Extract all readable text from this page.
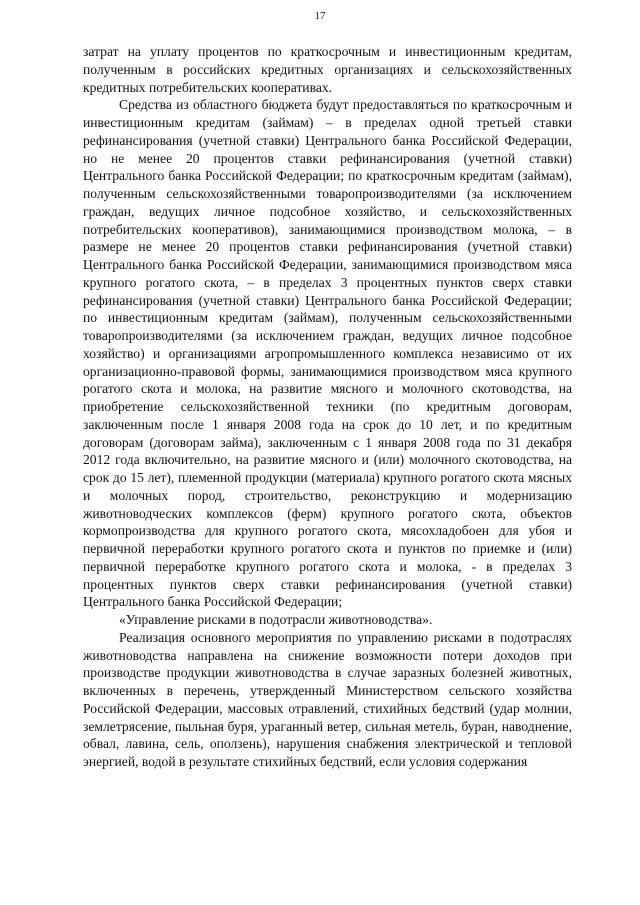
17

затрат на уплату процентов по краткосрочным и инвестиционным кредитам, полученным в российских кредитных организациях и сельскохозяйственных кредитных потребительских кооперативах.

Средства из областного бюджета будут предоставляться по краткосрочным и инвестиционным кредитам (займам) – в пределах одной третьей ставки рефинансирования (учетной ставки) Центрального банка Российской Федерации, но не менее 20 процентов ставки рефинансирования (учетной ставки) Центрального банка Российской Федерации; по краткосрочным кредитам (займам), полученным сельскохозяйственными товаропроизводителями (за исключением граждан, ведущих личное подсобное хозяйство, и сельскохозяйственных потребительских кооперативов), занимающимися производством молока, – в размере не менее 20 процентов ставки рефинансирования (учетной ставки) Центрального банка Российской Федерации, занимающимися производством мяса крупного рогатого скота, – в пределах 3 процентных пунктов сверх ставки рефинансирования (учетной ставки) Центрального банка Российской Федерации; по инвестиционным кредитам (займам), полученным сельскохозяйственными товаропроизводителями (за исключением граждан, ведущих личное подсобное хозяйство) и организациями агропромышленного комплекса независимо от их организационно-правовой формы, занимающимися производством мяса крупного рогатого скота и молока, на развитие мясного и молочного скотоводства, на приобретение сельскохозяйственной техники (по кредитным договорам, заключенным после 1 января 2008 года на срок до 10 лет, и по кредитным договорам (договорам займа), заключенным с 1 января 2008 года по 31 декабря 2012 года включительно, на развитие мясного и (или) молочного скотоводства, на срок до 15 лет), племенной продукции (материала) крупного рогатого скота мясных и молочных пород, строительство, реконструкцию и модернизацию животноводческих комплексов (ферм) крупного рогатого скота, объектов кормопроизводства для крупного рогатого скота, мясохладобоен для убоя и первичной переработки крупного рогатого скота и пунктов по приемке и (или) первичной переработке крупного рогатого скота и молока, - в пределах 3 процентных пунктов сверх ставки рефинансирования (учетной ставки) Центрального банка Российской Федерации;

«Управление рисками в подотрасли животноводства».

Реализация основного мероприятия по управлению рисками в подотраслях животноводства направлена на снижение возможности потери доходов при производстве продукции животноводства в случае заразных болезней животных, включенных в перечень, утвержденный Министерством сельского хозяйства Российской Федерации, массовых отравлений, стихийных бедствий (удар молнии, землетрясение, пыльная буря, ураганный ветер, сильная метель, буран, наводнение, обвал, лавина, сель, оползень), нарушения снабжения электрической и тепловой энергией, водой в результате стихийных бедствий, если условия содержания
